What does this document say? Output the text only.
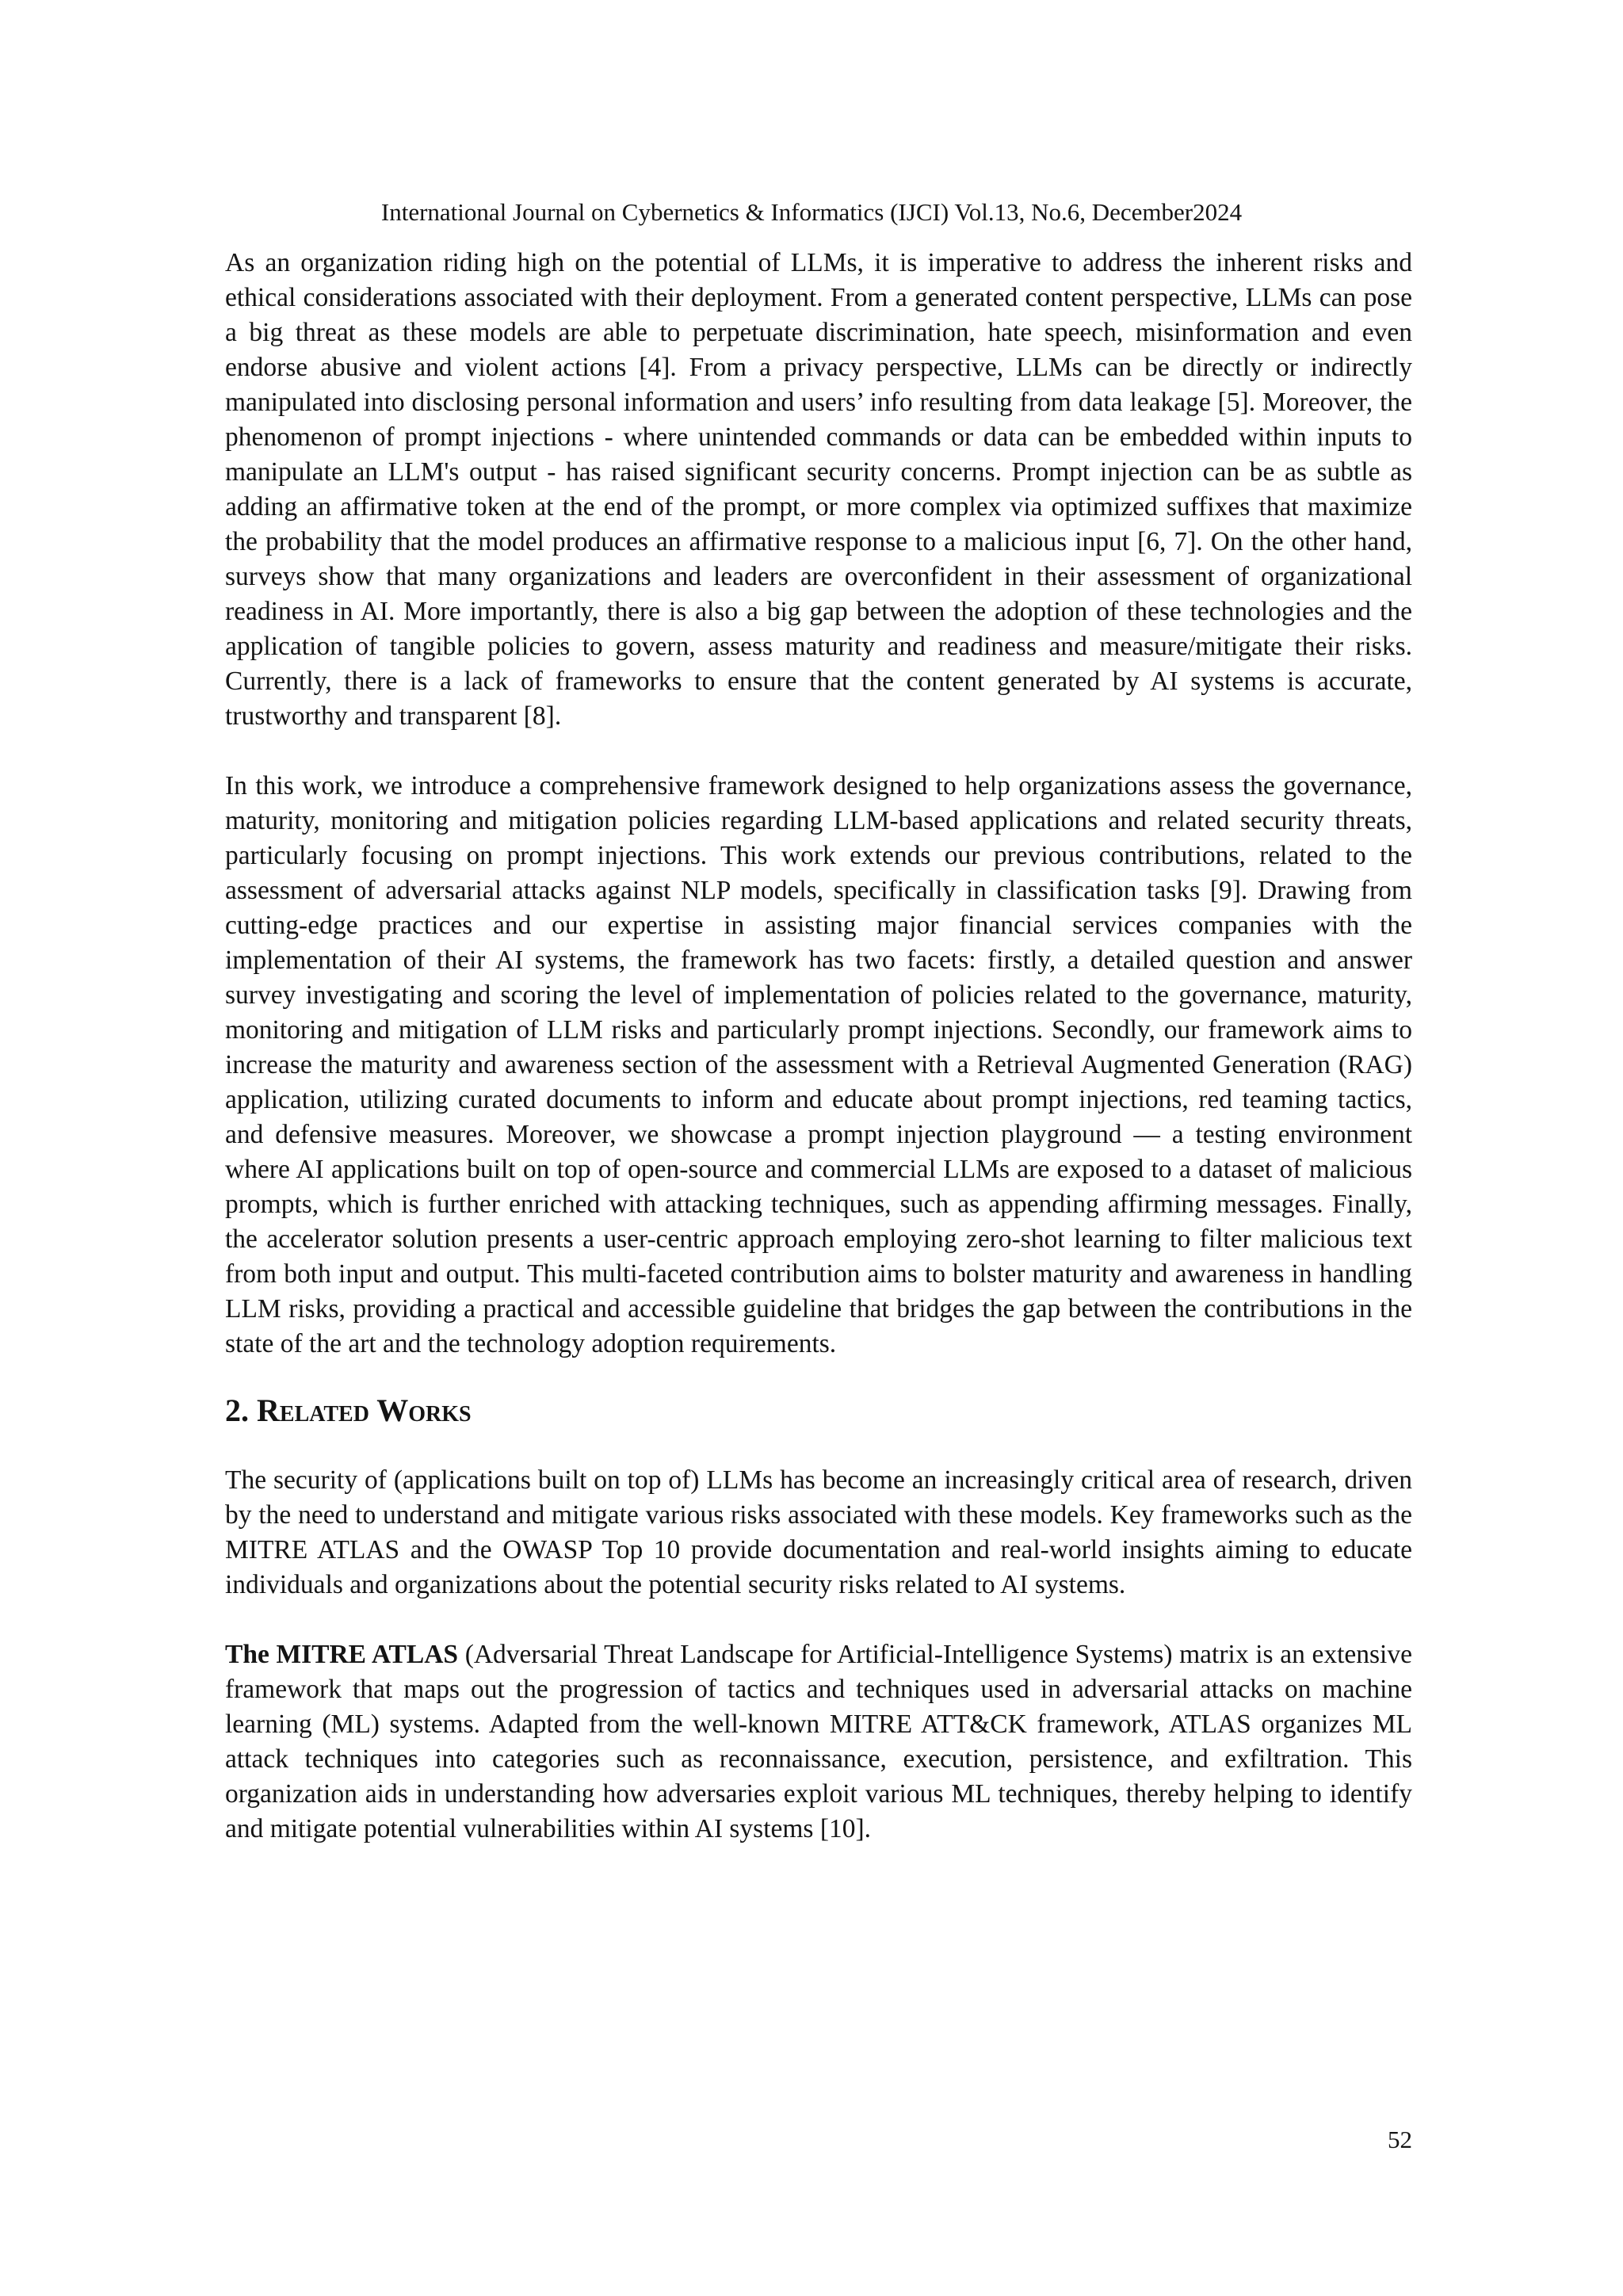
International Journal on Cybernetics & Informatics (IJCI) Vol.13, No.6, December2024

As an organization riding high on the potential of LLMs, it is imperative to address the inherent risks and ethical considerations associated with their deployment. From a generated content perspective, LLMs can pose a big threat as these models are able to perpetuate discrimination, hate speech, misinformation and even endorse abusive and violent actions [4]. From a privacy perspective, LLMs can be directly or indirectly manipulated into disclosing personal information and users’ info resulting from data leakage [5]. Moreover, the phenomenon of prompt injections - where unintended commands or data can be embedded within inputs to manipulate an LLM's output - has raised significant security concerns. Prompt injection can be as subtle as adding an affirmative token at the end of the prompt, or more complex via optimized suffixes that maximize the probability that the model produces an affirmative response to a malicious input [6, 7]. On the other hand, surveys show that many organizations and leaders are overconfident in their assessment of organizational readiness in AI. More importantly, there is also a big gap between the adoption of these technologies and the application of tangible policies to govern, assess maturity and readiness and measure/mitigate their risks. Currently, there is a lack of frameworks to ensure that the content generated by AI systems is accurate, trustworthy and transparent [8].

In this work, we introduce a comprehensive framework designed to help organizations assess the governance, maturity, monitoring and mitigation policies regarding LLM-based applications and related security threats, particularly focusing on prompt injections. This work extends our previous contributions, related to the assessment of adversarial attacks against NLP models, specifically in classification tasks [9]. Drawing from cutting-edge practices and our expertise in assisting major financial services companies with the implementation of their AI systems, the framework has two facets: firstly, a detailed question and answer survey investigating and scoring the level of implementation of policies related to the governance, maturity, monitoring and mitigation of LLM risks and particularly prompt injections. Secondly, our framework aims to increase the maturity and awareness section of the assessment with a Retrieval Augmented Generation (RAG) application, utilizing curated documents to inform and educate about prompt injections, red teaming tactics, and defensive measures. Moreover, we showcase a prompt injection playground — a testing environment where AI applications built on top of open-source and commercial LLMs are exposed to a dataset of malicious prompts, which is further enriched with attacking techniques, such as appending affirming messages. Finally, the accelerator solution presents a user-centric approach employing zero-shot learning to filter malicious text from both input and output. This multi-faceted contribution aims to bolster maturity and awareness in handling LLM risks, providing a practical and accessible guideline that bridges the gap between the contributions in the state of the art and the technology adoption requirements.

2. Related Works

The security of (applications built on top of) LLMs has become an increasingly critical area of research, driven by the need to understand and mitigate various risks associated with these models. Key frameworks such as the MITRE ATLAS and the OWASP Top 10 provide documentation and real-world insights aiming to educate individuals and organizations about the potential security risks related to AI systems.

The MITRE ATLAS (Adversarial Threat Landscape for Artificial-Intelligence Systems) matrix is an extensive framework that maps out the progression of tactics and techniques used in adversarial attacks on machine learning (ML) systems. Adapted from the well-known MITRE ATT&CK framework, ATLAS organizes ML attack techniques into categories such as reconnaissance, execution, persistence, and exfiltration. This organization aids in understanding how adversaries exploit various ML techniques, thereby helping to identify and mitigate potential vulnerabilities within AI systems [10].

52
